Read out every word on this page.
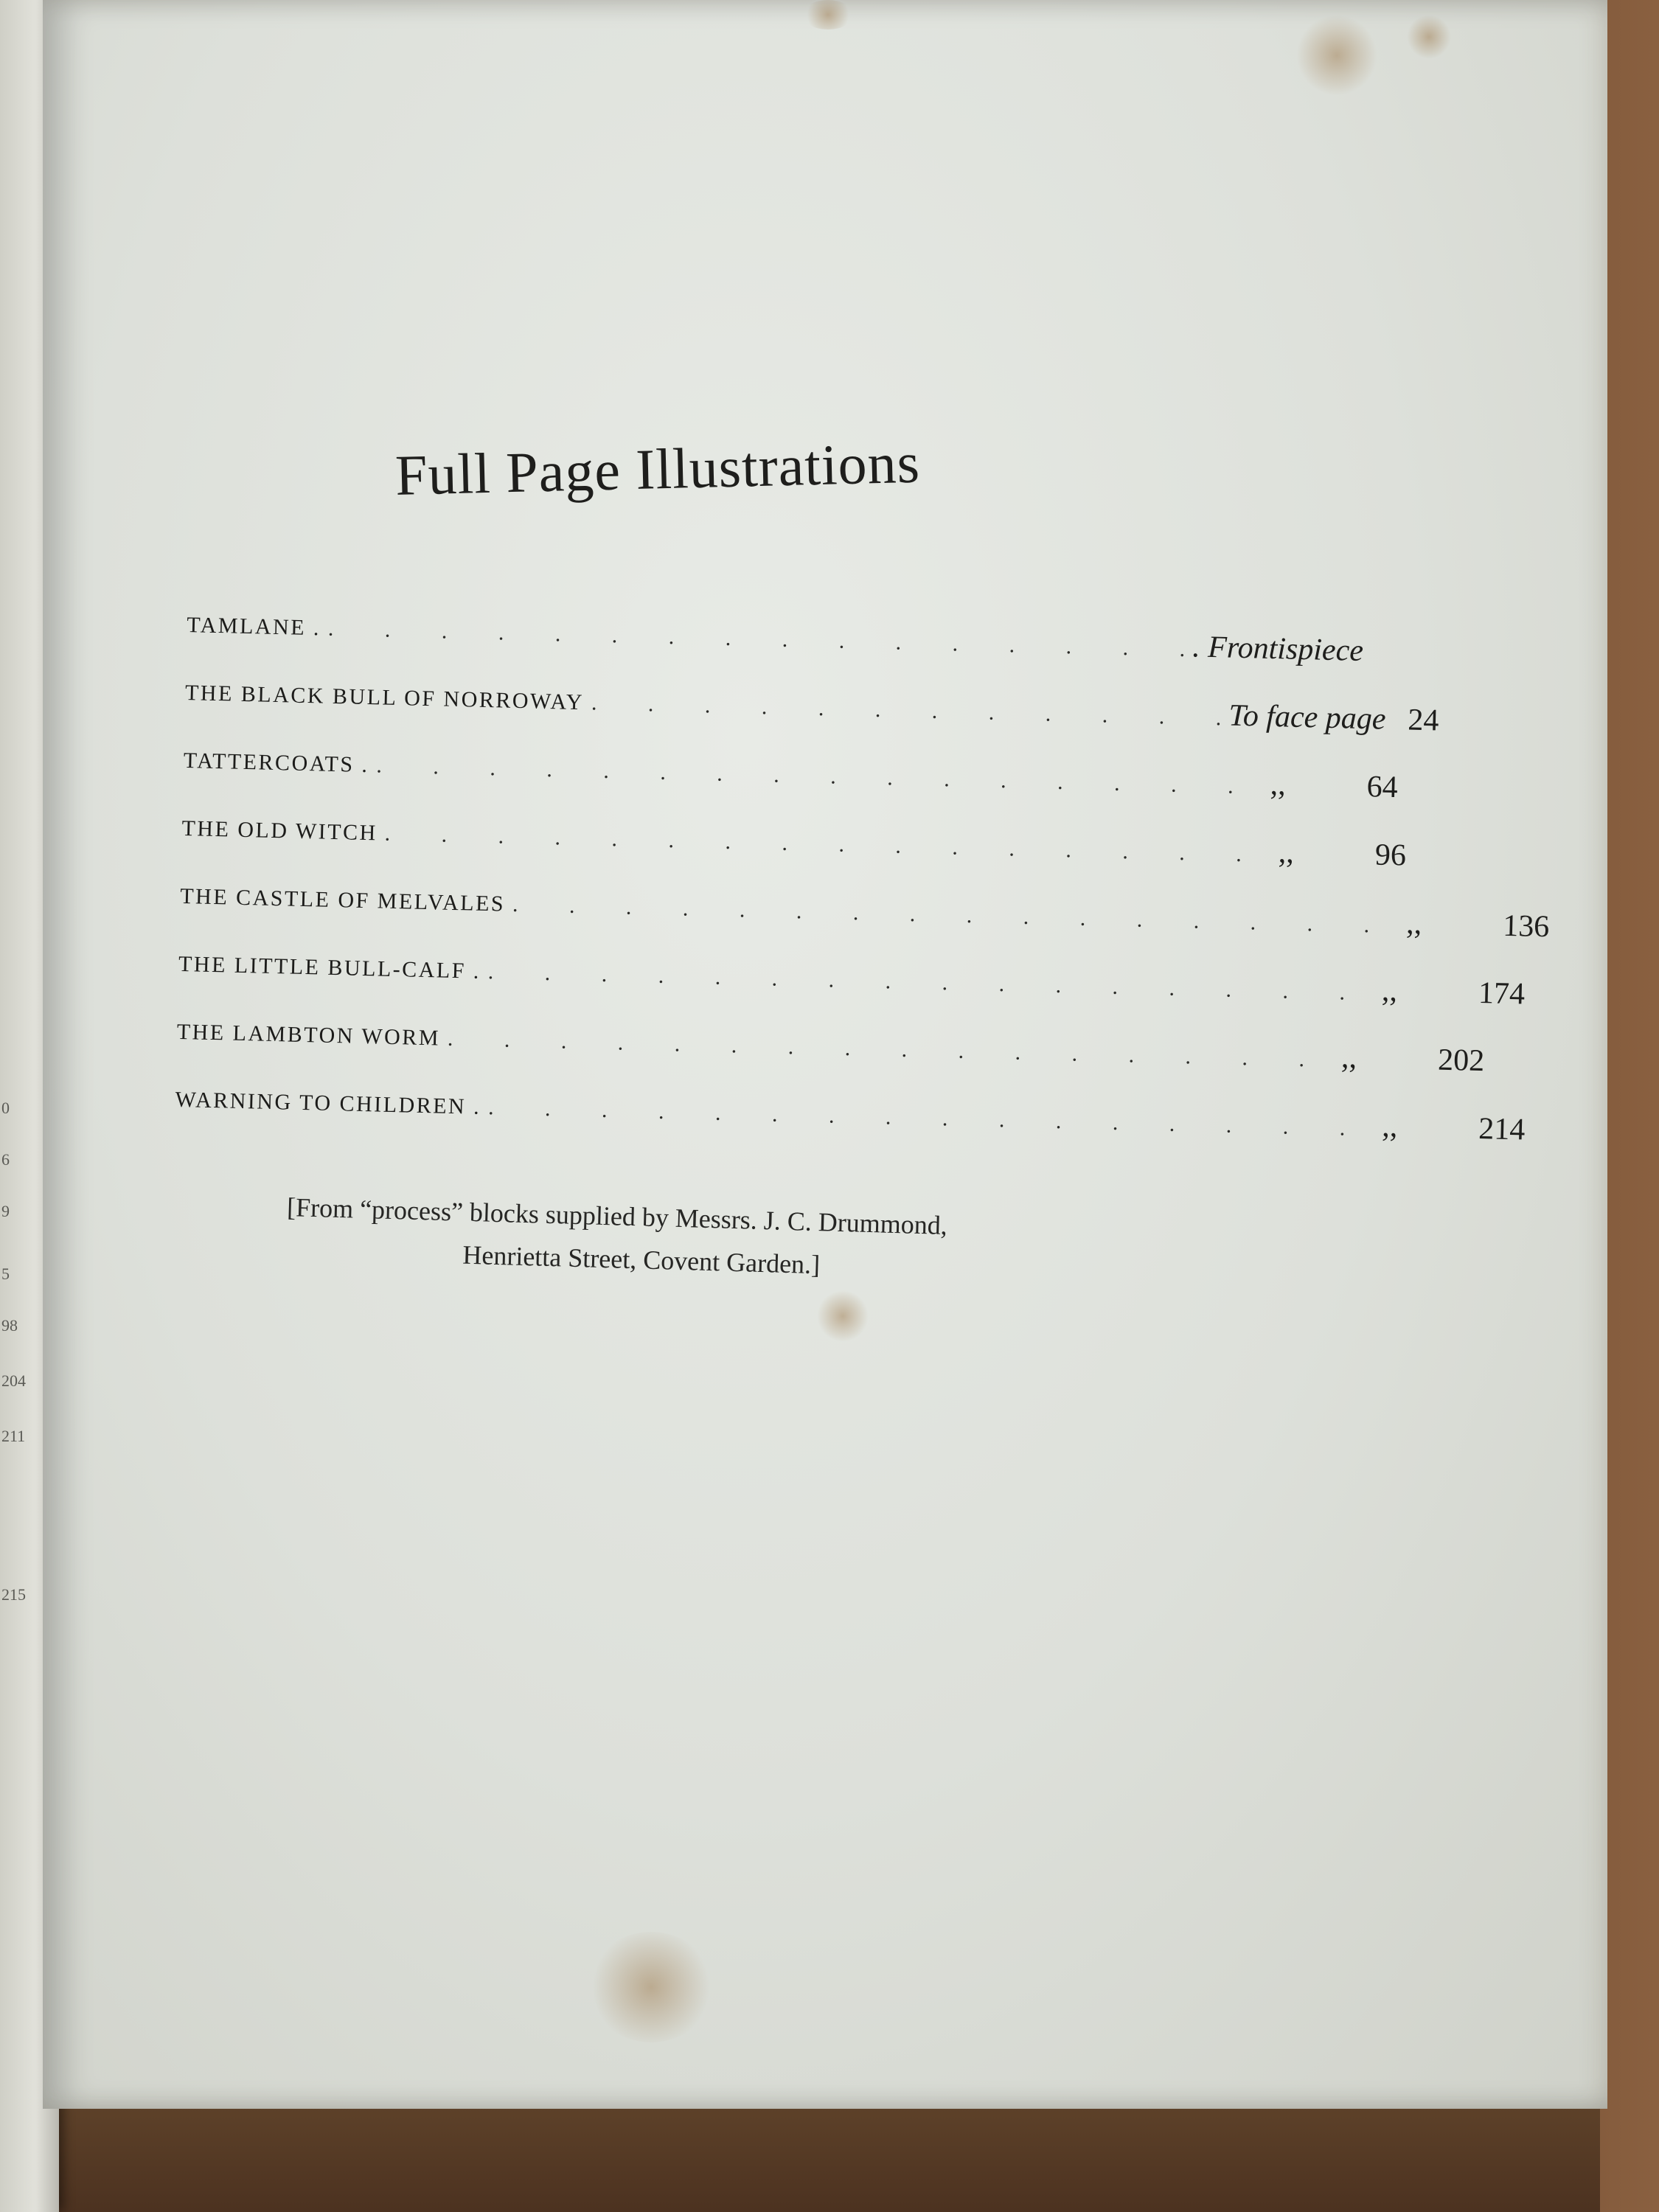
0
6
9
5
98
204
211
215
Full Page Illustrations
TAMLANE . . . . . . . . . . . . . . . . . . Frontispiece
THE BLACK BULL OF NORROWAY . . . . . . . . . . . . To face page 24
TATTERCOATS . . . . . . . . . . . . . . . . . ,,	64
THE OLD WITCH . . . . . . . . . . . . . . . . ,,	96
THE CASTLE OF MELVALES . . . . . . . . . . . . . . . . ,,	136
THE LITTLE BULL-CALF . . . . . . . . . . . . . . . . . ,,	174
THE LAMBTON WORM . . . . . . . . . . . . . . . . ,,	202
WARNING TO CHILDREN . . . . . . . . . . . . . . . . . ,,	214
[From “process” blocks supplied by Messrs. J. C. Drummond,
Henrietta Street, Covent Garden.]
